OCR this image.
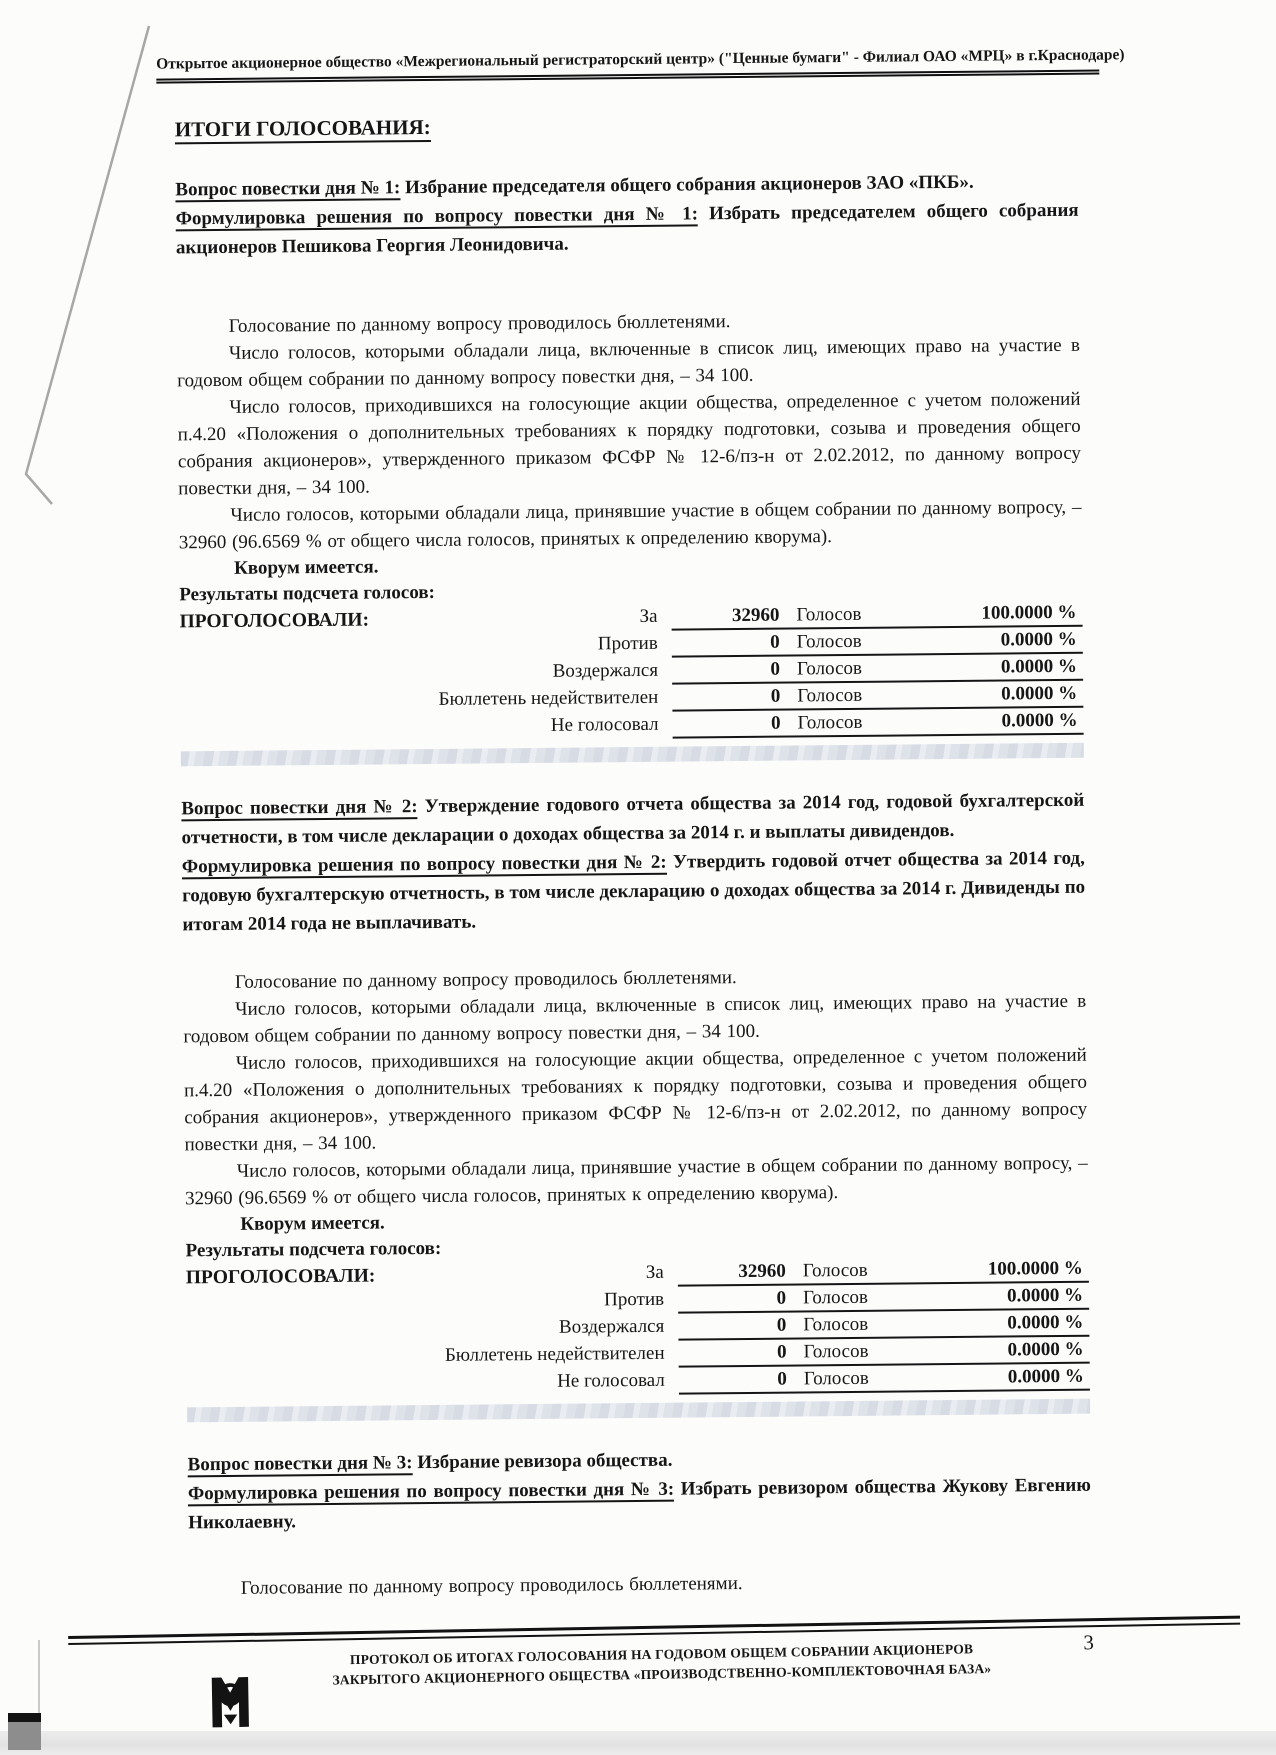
Открытое акционерное общество «Межрегиональный регистраторский центр» ("Ценные бумаги" - Филиал ОАО «МРЦ» в г.Краснодаре)
ИТОГИ ГОЛОСОВАНИЯ:

Вопрос повестки дня № 1: Избрание председателя общего собрания акционеров ЗАО «ПКБ».

Формулировка решения по вопросу повестки дня № 1: Избрать председателем общего собрания акционеров Пешикова Георгия Леонидовича.

Голосование по данному вопросу проводилось бюллетенями.

Число голосов, которыми обладали лица, включенные в список лиц, имеющих право на участие в годовом общем собрании по данному вопросу повестки дня, – 34 100.

Число голосов, приходившихся на голосующие акции общества, определенное с учетом положений п.4.20 «Положения о дополнительных требованиях к порядку подготовки, созыва и проведения общего собрания акционеров», утвержденного приказом ФСФР № 12-6/пз-н от 2.02.2012, по данному вопросу повестки дня, – 34 100.

Число голосов, которыми обладали лица, принявшие участие в общем собрании по данному вопросу, – 32960 (96.6569 % от общего числа голосов, принятых к определению кворума).

Кворум имеется.

Результаты подсчета голосов:

ПРОГОЛОСОВАЛИ:	За	32960 Голосов	100.0000 %
Против	0 Голосов	0.0000 %
Воздержался	0 Голосов	0.0000 %
Бюллетень недействителен	0 Голосов	0.0000 %
Не голосовал	0 Голосов	0.0000 %

Вопрос повестки дня № 2: Утверждение годового отчета общества за 2014 год, годовой бухгалтерской отчетности, в том числе декларации о доходах общества за 2014 г. и выплаты дивидендов.

Формулировка решения по вопросу повестки дня № 2: Утвердить годовой отчет общества за 2014 год, годовую бухгалтерскую отчетность, в том числе декларацию о доходах общества за 2014 г. Дивиденды по итогам 2014 года не выплачивать.

Голосование по данному вопросу проводилось бюллетенями.

Число голосов, которыми обладали лица, включенные в список лиц, имеющих право на участие в годовом общем собрании по данному вопросу повестки дня, – 34 100.

Число голосов, приходившихся на голосующие акции общества, определенное с учетом положений п.4.20 «Положения о дополнительных требованиях к порядку подготовки, созыва и проведения общего собрания акционеров», утвержденного приказом ФСФР № 12-6/пз-н от 2.02.2012, по данному вопросу повестки дня, – 34 100.

Число голосов, которыми обладали лица, принявшие участие в общем собрании по данному вопросу, – 32960 (96.6569 % от общего числа голосов, принятых к определению кворума).

Кворум имеется.

Результаты подсчета голосов:

ПРОГОЛОСОВАЛИ:	За	32960 Голосов	100.0000 %
Против	0 Голосов	0.0000 %
Воздержался	0 Голосов	0.0000 %
Бюллетень недействителен	0 Голосов	0.0000 %
Не голосовал	0 Голосов	0.0000 %

Вопрос повестки дня № 3: Избрание ревизора общества.

Формулировка решения по вопросу повестки дня № 3: Избрать ревизором общества Жукову Евгению Николаевну.

Голосование по данному вопросу проводилось бюллетенями.

ПРОТОКОЛ ОБ ИТОГАХ ГОЛОСОВАНИЯ НА ГОДОВОМ ОБЩЕМ СОБРАНИИ АКЦИОНЕРОВ
ЗАКРЫТОГО АКЦИОНЕРНОГО ОБЩЕСТВА «ПРОИЗВОДСТВЕННО-КОМПЛЕКТОВОЧНАЯ БАЗА»
3
